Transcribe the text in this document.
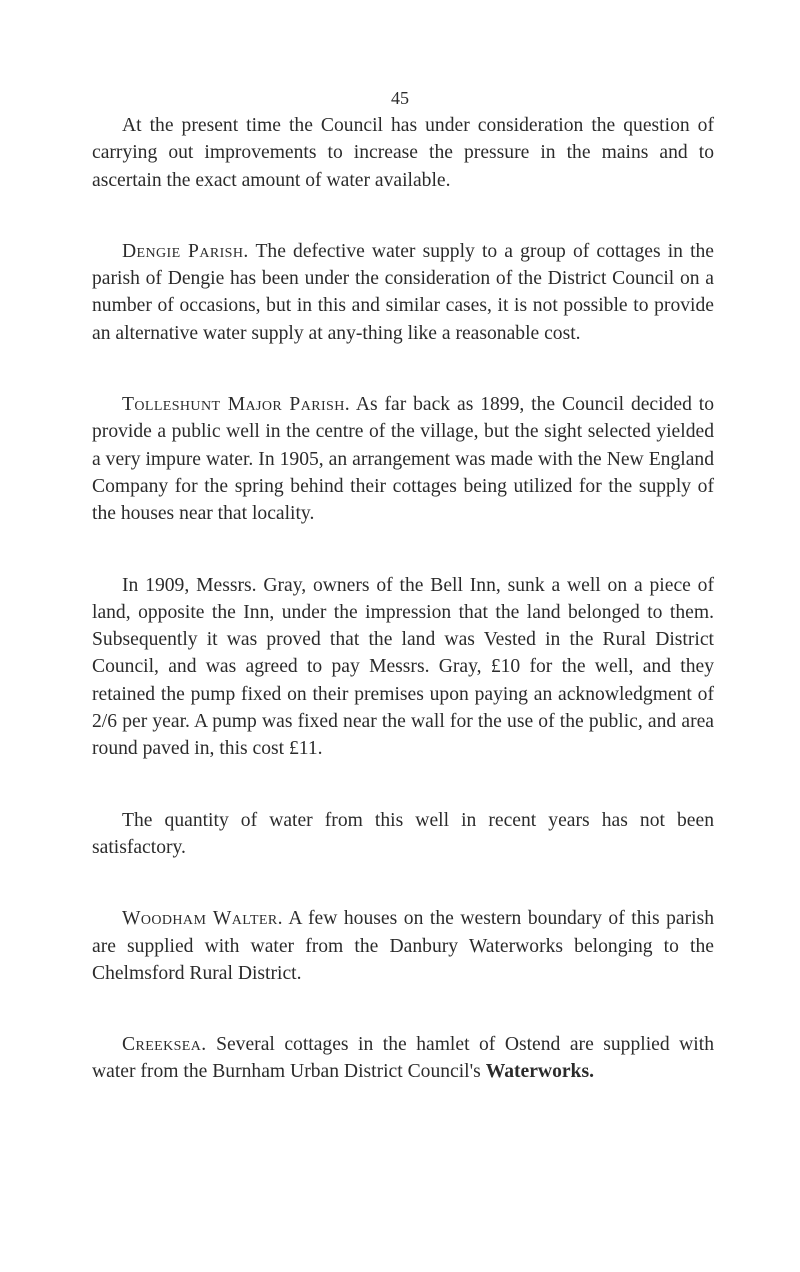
45

At the present time the Council has under consideration the question of carrying out improvements to increase the pressure in the mains and to ascertain the exact amount of water available.

Dengie Parish. The defective water supply to a group of cottages in the parish of Dengie has been under the consideration of the District Council on a number of occasions, but in this and similar cases, it is not possible to provide an alternative water supply at any-thing like a reasonable cost.

Tolleshunt Major Parish. As far back as 1899, the Council decided to provide a public well in the centre of the village, but the sight selected yielded a very impure water. In 1905, an arrangement was made with the New England Company for the spring behind their cottages being utilized for the supply of the houses near that locality.

In 1909, Messrs. Gray, owners of the Bell Inn, sunk a well on a piece of land, opposite the Inn, under the impression that the land belonged to them. Subsequently it was proved that the land was Vested in the Rural District Council, and was agreed to pay Messrs. Gray, £10 for the well, and they retained the pump fixed on their premises upon paying an acknowledgment of 2/6 per year. A pump was fixed near the wall for the use of the public, and area round paved in, this cost £11.

The quantity of water from this well in recent years has not been satisfactory.

Woodham Walter. A few houses on the western boundary of this parish are supplied with water from the Danbury Waterworks belonging to the Chelmsford Rural District.

Creeksea. Several cottages in the hamlet of Ostend are supplied with water from the Burnham Urban District Council's Waterworks.
